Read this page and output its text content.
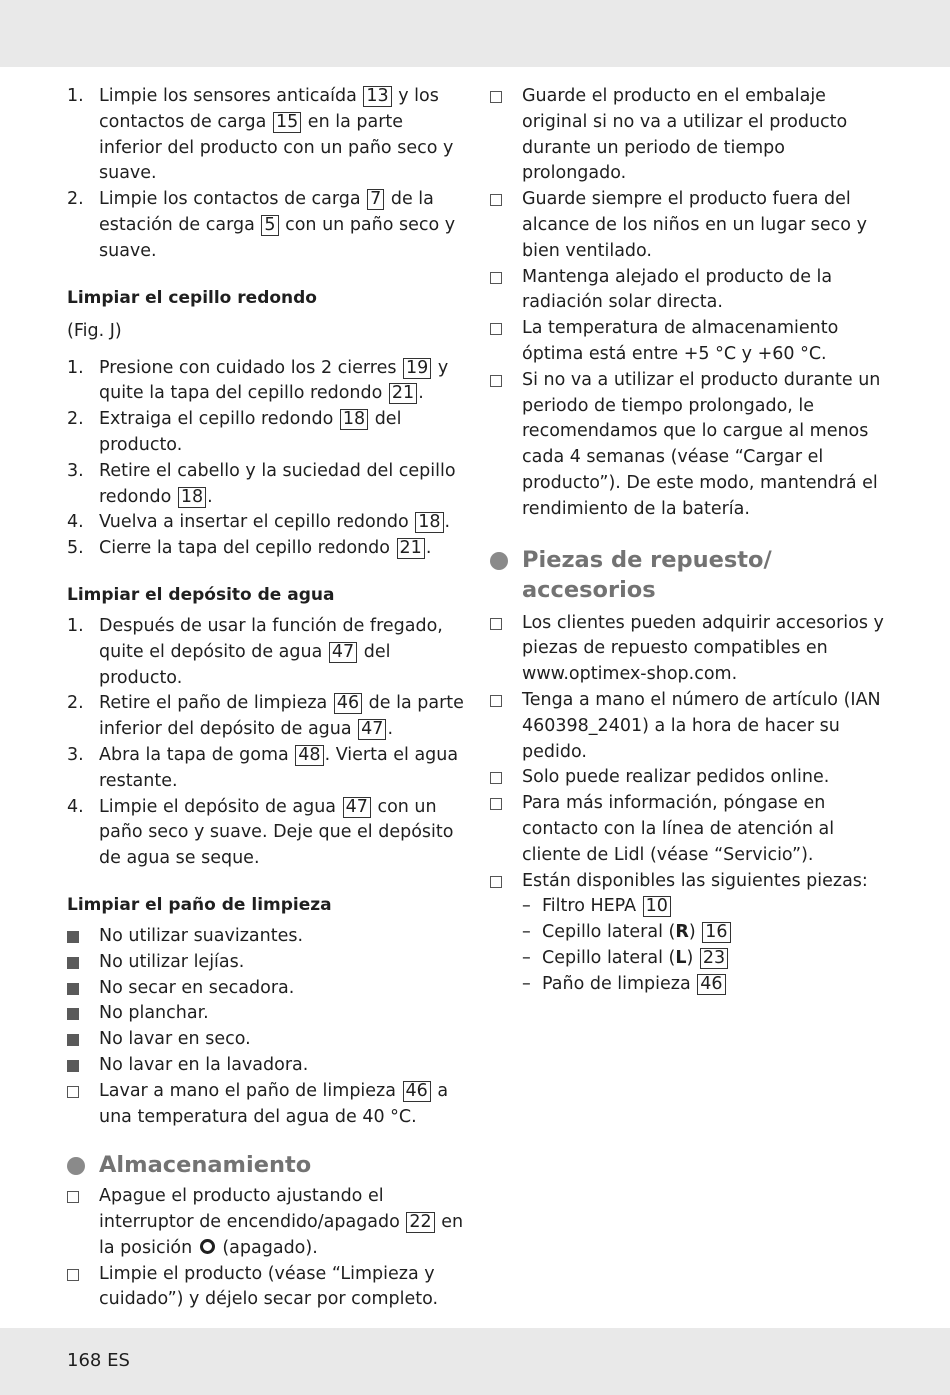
1. Limpie los sensores anticaída 13 y los contactos de carga 15 en la parte inferior del producto con un paño seco y suave.
2. Limpie los contactos de carga 7 de la estación de carga 5 con un paño seco y suave.
Limpiar el cepillo redondo
(Fig. J)
1. Presione con cuidado los 2 cierres 19 y quite la tapa del cepillo redondo 21 .
2. Extraiga el cepillo redondo 18 del producto.
3. Retire el cabello y la suciedad del cepillo redondo 18 .
4. Vuelva a insertar el cepillo redondo 18 .
5. Cierre la tapa del cepillo redondo 21 .
Limpiar el depósito de agua
1. Después de usar la función de fregado, quite el depósito de agua 47 del producto.
2. Retire el paño de limpieza 46 de la parte inferior del depósito de agua 47 .
3. Abra la tapa de goma 48 . Vierta el agua restante.
4. Limpie el depósito de agua 47 con un paño seco y suave. Deje que el depósito de agua se seque.
Limpiar el paño de limpieza
No utilizar suavizantes.
No utilizar lejías.
No secar en secadora.
No planchar.
No lavar en seco.
No lavar en la lavadora.
Lavar a mano el paño de limpieza 46 a una temperatura del agua de 40 °C.
Almacenamiento
Apague el producto ajustando el interruptor de encendido/apagado 22 en la posición  (apagado).
Limpie el producto (véase “Limpieza y cuidado”) y déjelo secar por completo.
Guarde el producto en el embalaje original si no va a utilizar el producto durante un periodo de tiempo prolongado.
Guarde siempre el producto fuera del alcance de los niños en un lugar seco y bien ventilado.
Mantenga alejado el producto de la radiación solar directa.
La temperatura de almacenamiento óptima está entre +5 °C y +60 °C.
Si no va a utilizar el producto durante un periodo de tiempo prolongado, le recomendamos que lo cargue al menos cada 4 semanas (véase “Cargar el producto”). De este modo, mantendrá el rendimiento de la batería.
Piezas de repuesto/
accesorios
Los clientes pueden adquirir accesorios y piezas de repuesto compatibles en www.optimex-shop.com.
Tenga a mano el número de artículo (IAN 460398_2401) a la hora de hacer su pedido.
Solo puede realizar pedidos online.
Para más información, póngase en contacto con la línea de atención al cliente de Lidl (véase “Servicio”).
Están disponibles las siguientes piezas:
– Filtro HEPA 10
– Cepillo lateral (R) 16
– Cepillo lateral (L) 23
– Paño de limpieza 46
168 ES
